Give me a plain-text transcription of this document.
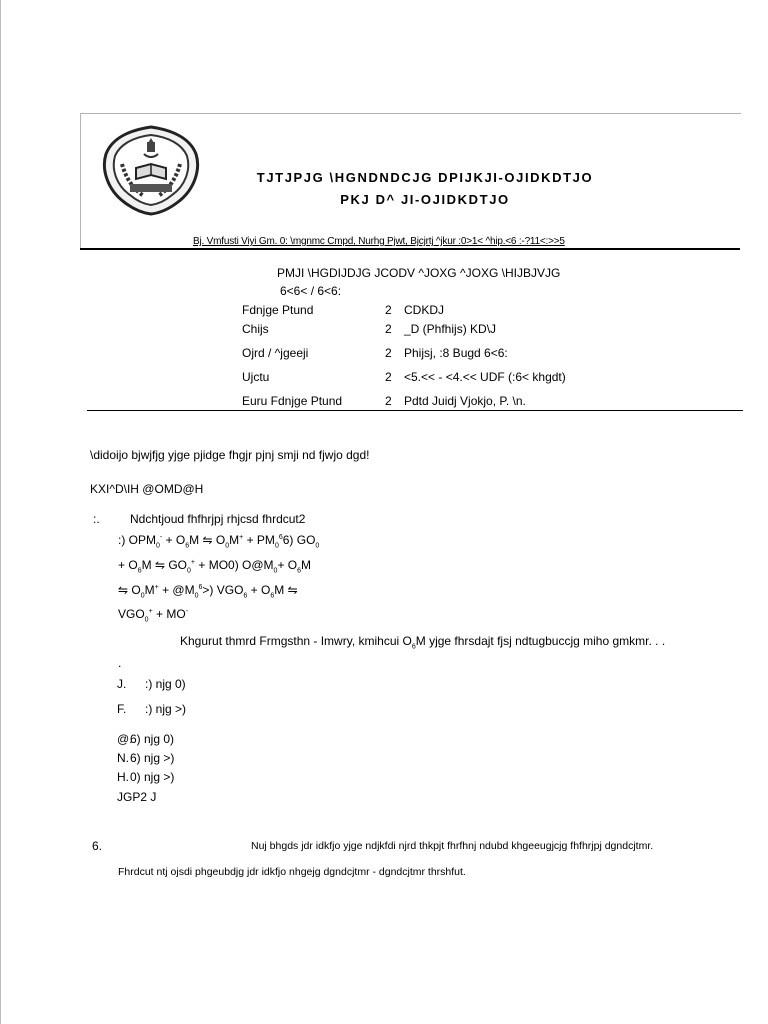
TJTJPJG \HGNDNDCJG DPIJKJI-OJIDKDTJO
PKJ D^ JI-OJIDKDTJO
Bj. Vmfusti Viyi Gm. 0: \mgnmc Cmpd, Nurhg Pjwt, Bjcjrtj ^jkur :0>1< ^hip.<6 :-?11<:>>5
PMJI \HGDIJDJG JCODV ^JOXG ^JOXG \HIJBJVJG
6<6< / 6<6:
Fdnjge Ptund	2 CDKDJ
Chijs	2 _D (Phfhijs) KD\J
Ojrd / ^jgeeji	2 Phijsj, :8 Bugd 6<6:
Ujctu	2 <5.<< - <4.<< UDF (:6< khgdt)
Euru Fdnjge Ptund	2 Pdtd Juidj Vjokjo, P. \n.
\didoijo bjwjfjg yjge pjidge fhgjr pjnj smji nd fjwjo dgd!
KXI^D\IH @OMD@H
:.	Ndchtjoud fhfhrjpj rhjcsd fhrdcut2
:) $OPM_0^- + O_6M$ ⇋ $O_0M^+ + PM_0^66$) $GO_0$
+ $O_6M$ ⇋ $GO_0^+ + MO0$) $O@M_0+ O_6M$
⇋ $O_0M^+$ + $@M_0^6>$) $VGO_6 + O_6M$ ⇋
$VGO_0^+ + MO^-$
Khgurut thmrd Frmgsthn - Imwry, kmihcui $O_6M$ yjge fhrsdajt fjsj ndtugbuccjg miho gmkmr. . .
.
J. :) njg 0)
F. :) njg >)
@.6) njg 0)
N.6) njg >)
H.0) njg >)
JGP2 J
6.	Nuj bhgds jdr idkfjo yjge ndjkfdi njrd thkpjt fhrfhnj ndubd khgeeugjcjg fhfhrjpj dgndcjtmr.
Fhrdcut ntj ojsdi phgeubdjg jdr idkfjo nhgejg dgndcjtmr - dgndcjtmr thrshfut.
